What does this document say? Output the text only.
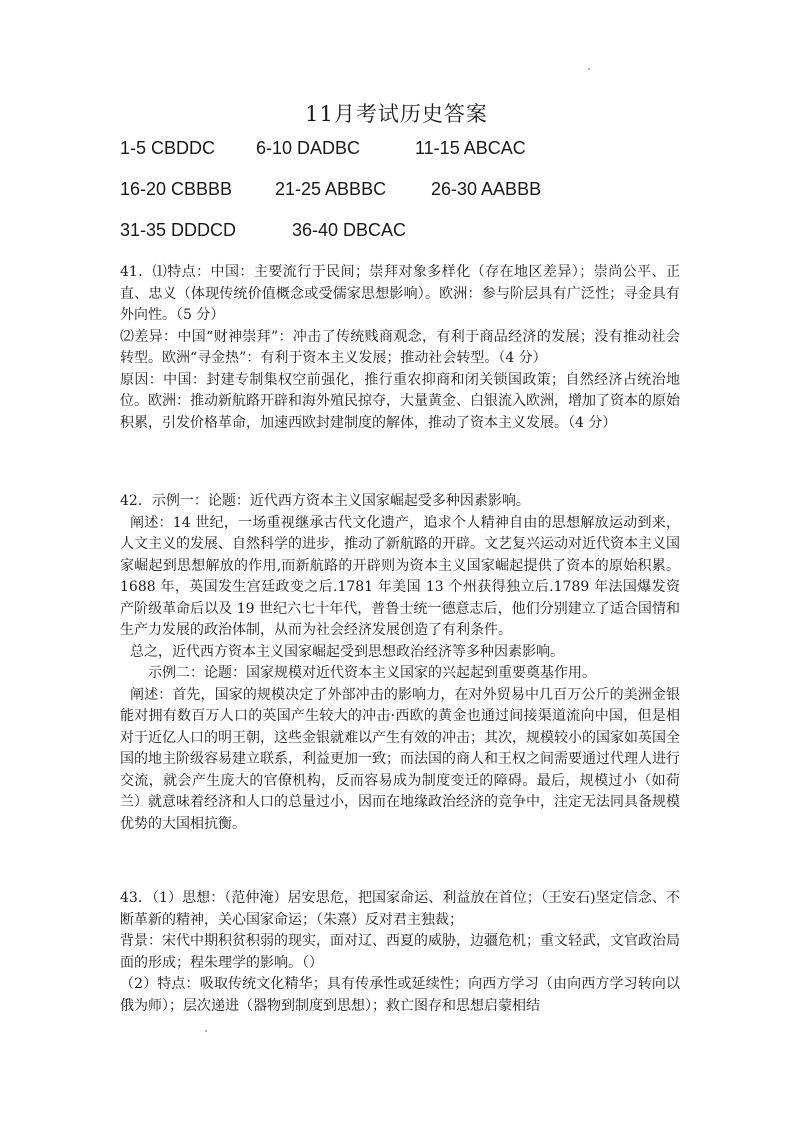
11月考试历史答案
1-5 CBDDC 6-10 DADBC	11-15 ABCAC
16-20 CBBBB 21-25 ABBBC 26-30 AABBB
31-35 DDDCD	36-40 DBCAC

41．⑴特点：中国：主要流行于民间；崇拜对象多样化（存在地区差异）；崇尚公平、正直、忠义（体现传统价值概念或受儒家思想影响）。欧洲：参与阶层具有广泛性；寻金具有外向性。（5 分）

⑵差异：中国“财神崇拜”：冲击了传统贱商观念，有利于商品经济的发展；没有推动社会转型。欧洲“寻金热”：有利于资本主义发展；推动社会转型。（4 分）

原因：中国：封建专制集权空前强化，推行重农抑商和闭关锁国政策；自然经济占统治地位。欧洲：推动新航路开辟和海外殖民掠夺，大量黄金、白银流入欧洲，增加了资本的原始积累，引发价格革命，加速西欧封建制度的解体，推动了资本主义发展。（4 分）

42．示例一：论题：近代西方资本主义国家崛起受多种因素影响。

阐述：14 世纪，一场重视继承古代文化遗产，追求个人精神自由的思想解放运动到来，人文主义的发展、自然科学的进步，推动了新航路的开辟。文艺复兴运动对近代资本主义国家崛起到思想解放的作用,而新航路的开辟则为资本主义国家崛起提供了资本的原始积累。1688 年，英国发生宫廷政变之后.1781 年美国 13 个州获得独立后.1789 年法国爆发资产阶级革命后以及 19 世纪六七十年代，普鲁士统一德意志后，他们分别建立了适合国情和生产力发展的政治体制，从而为社会经济发展创造了有利条件。

总之，近代西方资本主义国家崛起受到思想政治经济等多种因素影响。

示例二：论题：国家规模对近代资本主义国家的兴起起到重要奠基作用。

阐述：首先，国家的规模决定了外部冲击的影响力，在对外贸易中几百万公斤的美洲金银能对拥有数百万人口的英国产生较大的冲击·西欧的黄金也通过间接渠道流向中国，但是相对于近亿人口的明王朝，这些金银就难以产生有效的冲击；其次，规模较小的国家如英国全国的地主阶级容易建立联系，利益更加一致；而法国的商人和王权之间需要通过代理人进行交流，就会产生庞大的官僚机构，反而容易成为制度变迁的障碍。最后，规模过小（如荷兰）就意味着经济和人口的总量过小，因而在地缘政治经济的竞争中，注定无法同具备规模优势的大国相抗衡。

43．（1）思想：（范仲淹）居安思危，把国家命运、利益放在首位；（王安石)坚定信念、不断革新的精神，关心国家命运；（朱熹）反对君主独裁；

背景：宋代中期积贫积弱的现实，面对辽、西夏的威胁，边疆危机；重文轻武，文官政治局面的形成；程朱理学的影响。（）

（2）特点：吸取传统文化精华；具有传承性或延续性；向西方学习（由向西方学习转向以俄为师）；层次递进（器物到制度到思想）；救亡图存和思想启蒙相结
